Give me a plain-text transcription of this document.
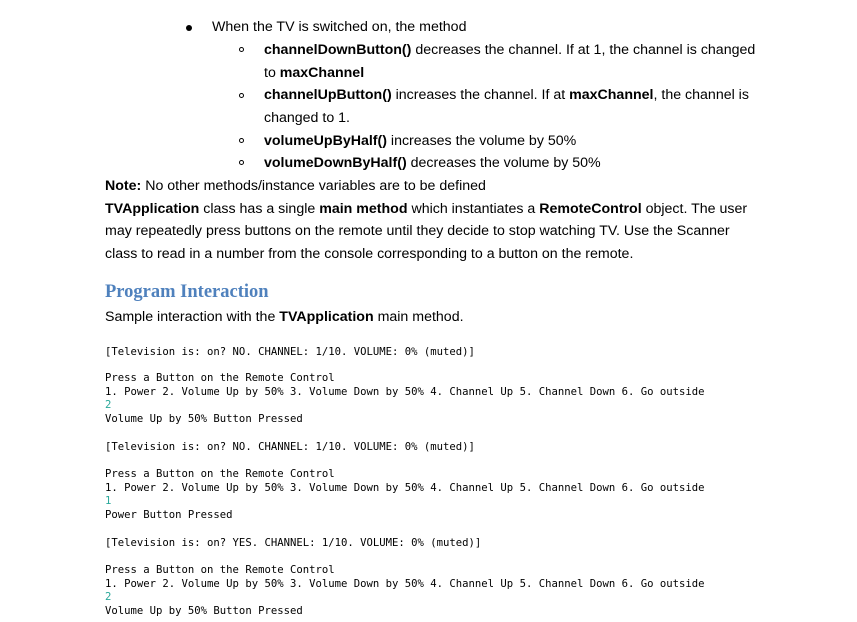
When the TV is switched on, the method
channelDownButton() decreases the channel. If at 1, the channel is changed
to maxChannel
channelUpButton() increases the channel. If at maxChannel, the channel is
changed to 1.
volumeUpByHalf() increases the volume by 50%
volumeDownByHalf() decreases the volume by 50%
Note: No other methods/instance variables are to be defined
TVApplication class has a single main method which instantiates a RemoteControl object. The user
may repeatedly press buttons on the remote until they decide to stop watching TV. Use the Scanner
class to read in a number from the console corresponding to a button on the remote.
Program Interaction
Sample interaction with the TVApplication main method.
[Television is: on? NO. CHANNEL: 1/10. VOLUME: 0% (muted)]
Press a Button on the Remote Control
1. Power 2. Volume Up by 50% 3. Volume Down by 50% 4. Channel Up 5. Channel Down 6. Go outside
2
Volume Up by 50% Button Pressed
[Television is: on? NO. CHANNEL: 1/10. VOLUME: 0% (muted)]
Press a Button on the Remote Control
1. Power 2. Volume Up by 50% 3. Volume Down by 50% 4. Channel Up 5. Channel Down 6. Go outside
1
Power Button Pressed
[Television is: on? YES. CHANNEL: 1/10. VOLUME: 0% (muted)]
Press a Button on the Remote Control
1. Power 2. Volume Up by 50% 3. Volume Down by 50% 4. Channel Up 5. Channel Down 6. Go outside
2
Volume Up by 50% Button Pressed
